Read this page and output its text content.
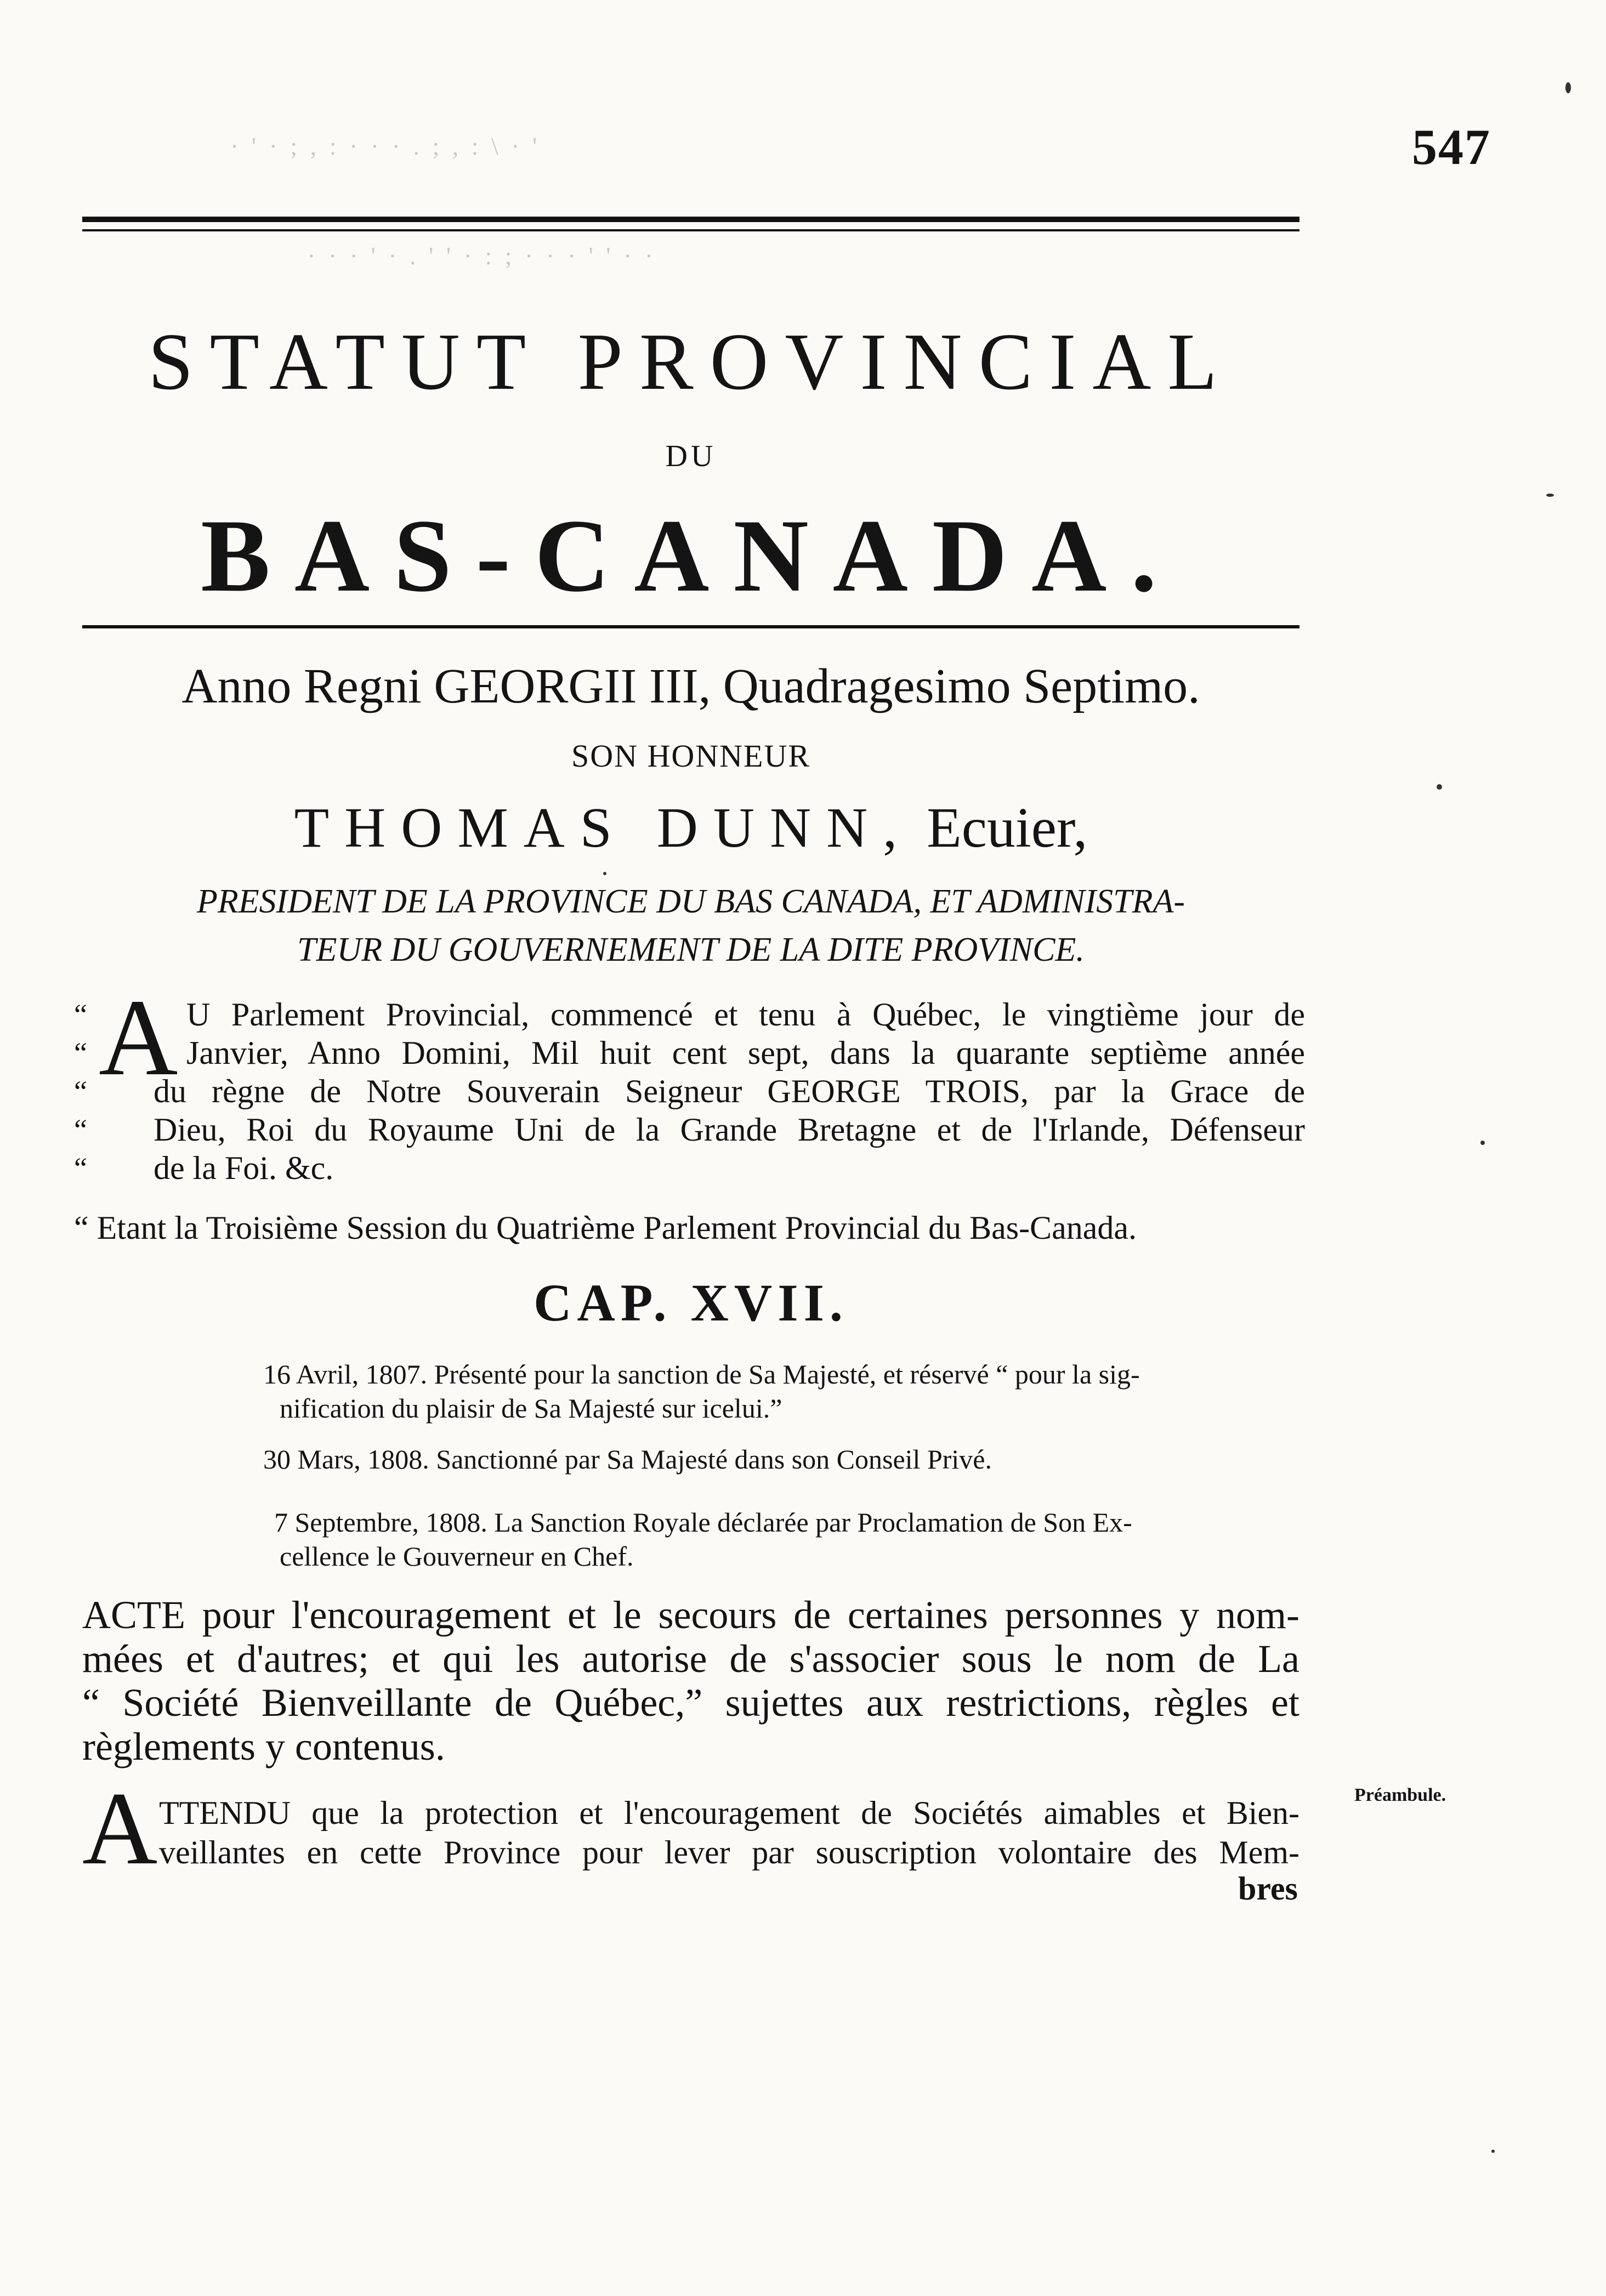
· ' · ; , : · · · . ; , : \ · '
· · · ' · . ' ' · : ; · · · ' ' · ·
547
STATUT PROVINCIAL
DU
BAS-CANADA.
Anno Regni GEORGII III, Quadragesimo Septimo.
SON HONNEUR
THOMAS DUNN, Ecuier,
PRESIDENT DE LA PROVINCE DU BAS CANADA, ET ADMINISTRA-
TEUR DU GOUVERNEMENT DE LA DITE PROVINCE.
“
“
“
“
“
A U Parlement Provincial, commencé et tenu à Québec, le vingtième jour de
Janvier, Anno Domini, Mil huit cent sept, dans la quarante septième année
du règne de Notre Souverain Seigneur GEORGE TROIS, par la Grace de
Dieu, Roi du Royaume Uni de la Grande Bretagne et de l'Irlande, Défenseur
de la Foi. &c.
“ Etant la Troisième Session du Quatrième Parlement Provincial du Bas-Canada.
CAP. XVII.
16 Avril, 1807. Présenté pour la sanction de Sa Majesté, et réservé “ pour la sig-
nification du plaisir de Sa Majesté sur icelui.”
30 Mars, 1808. Sanctionné par Sa Majesté dans son Conseil Privé.
7 Septembre, 1808. La Sanction Royale déclarée par Proclamation de Son Ex-
cellence le Gouverneur en Chef.
ACTE pour l'encouragement et le secours de certaines personnes y nom-
mées et d'autres; et qui les autorise de s'associer sous le nom de La
“ Société Bienveillante de Québec,” sujettes aux restrictions, règles et
règlements y contenus.
Préambule.
A TTENDU que la protection et l'encouragement de Sociétés aimables et Bien-
veillantes en cette Province pour lever par souscription volontaire des Mem-
bres
